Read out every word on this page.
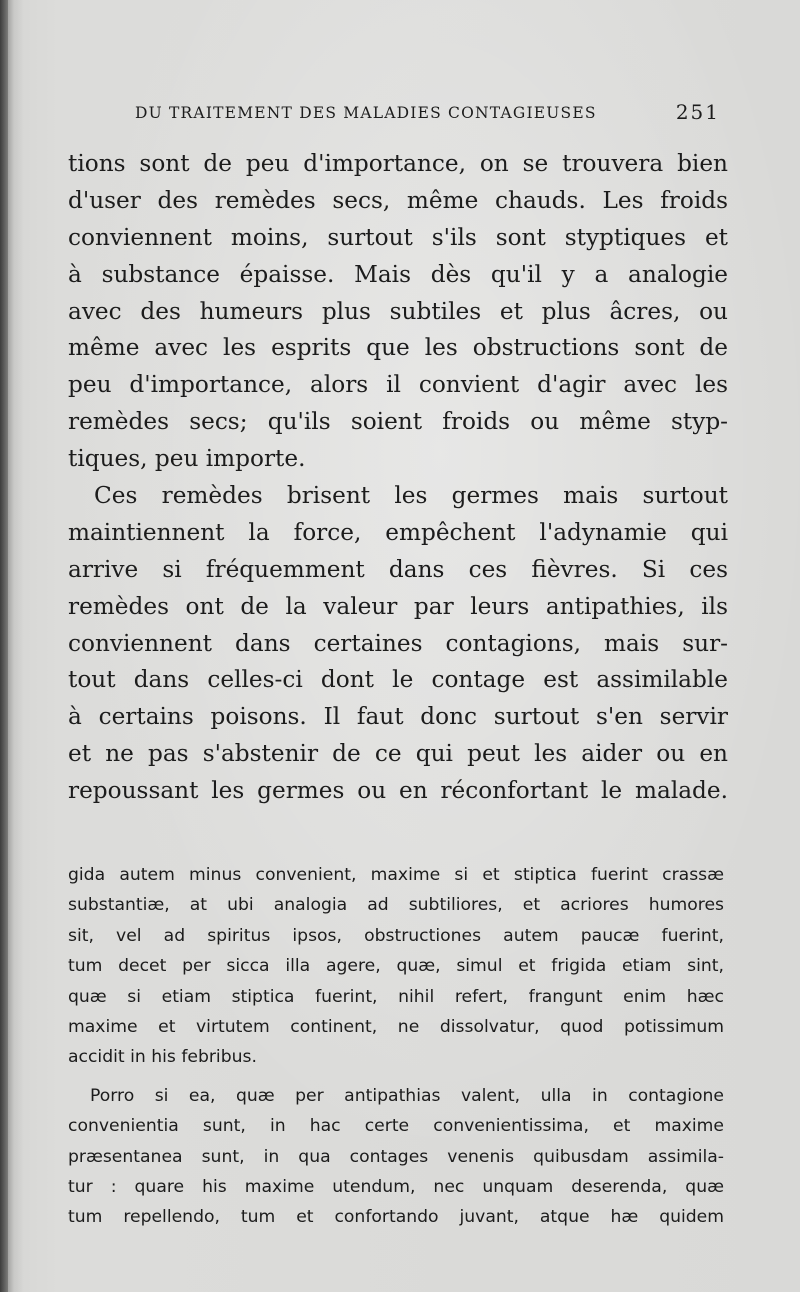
DU TRAITEMENT DES MALADIES CONTAGIEUSES	251
tions sont de peu d'importance, on se trouvera bien
d'user des remèdes secs, même chauds. Les froids
conviennent moins, surtout s'ils sont styptiques et
à substance épaisse. Mais dès qu'il y a analogie
avec des humeurs plus subtiles et plus âcres, ou
même avec les esprits que les obstructions sont de
peu d'importance, alors il convient d'agir avec les
remèdes secs; qu'ils soient froids ou même styp-
tiques, peu importe.
Ces remèdes brisent les germes mais surtout
maintiennent la force, empêchent l'adynamie qui
arrive si fréquemment dans ces fièvres. Si ces
remèdes ont de la valeur par leurs antipathies, ils
conviennent dans certaines contagions, mais sur-
tout dans celles-ci dont le contage est assimilable
à certains poisons. Il faut donc surtout s'en servir
et ne pas s'abstenir de ce qui peut les aider ou en
repoussant les germes ou en réconfortant le malade.
gida autem minus convenient, maxime si et stiptica fuerint crassæ
substantiæ, at ubi analogia ad subtiliores, et acriores humores
sit, vel ad spiritus ipsos, obstructiones autem paucæ fuerint,
tum decet per sicca illa agere, quæ, simul et frigida etiam sint,
quæ si etiam stiptica fuerint, nihil refert, frangunt enim hæc
maxime et virtutem continent, ne dissolvatur, quod potissimum
accidit in his febribus.
Porro si ea, quæ per antipathias valent, ulla in contagione
convenientia sunt, in hac certe convenientissima, et maxime
præsentanea sunt, in qua contages venenis quibusdam assimila-
tur : quare his maxime utendum, nec unquam deserenda, quæ
tum repellendo, tum et confortando juvant, atque hæ quidem
